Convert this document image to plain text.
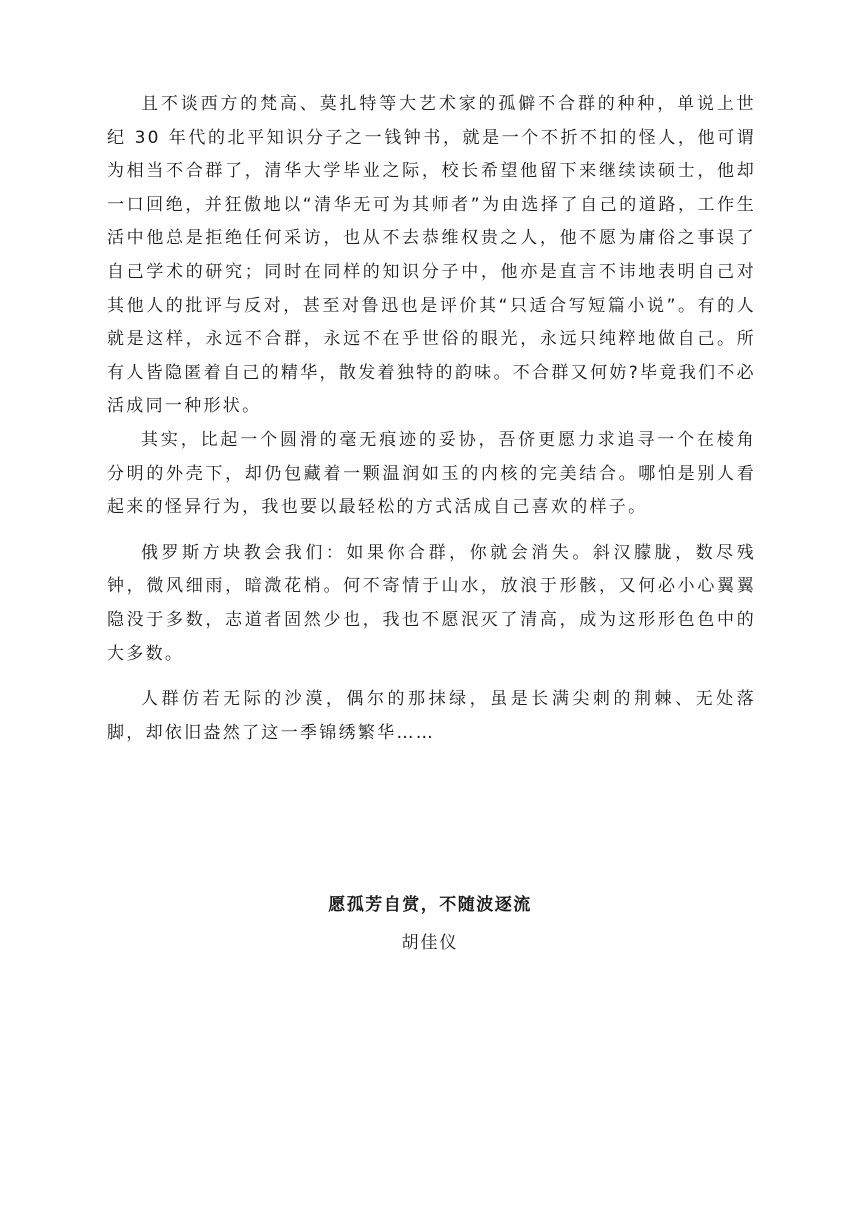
且不谈西方的梵高、莫扎特等大艺术家的孤僻不合群的种种，单说上世纪 30 年代的北平知识分子之一钱钟书，就是一个不折不扣的怪人，他可谓为相当不合群了，清华大学毕业之际，校长希望他留下来继续读硕士，他却一口回绝，并狂傲地以“清华无可为其师者”为由选择了自己的道路，工作生活中他总是拒绝任何采访，也从不去恭维权贵之人，他不愿为庸俗之事误了自己学术的研究；同时在同样的知识分子中，他亦是直言不讳地表明自己对其他人的批评与反对，甚至对鲁迅也是评价其“只适合写短篇小说”。有的人就是这样，永远不合群，永远不在乎世俗的眼光，永远只纯粹地做自己。所有人皆隐匿着自己的精华，散发着独特的韵味。不合群又何妨?毕竟我们不必活成同一种形状。

其实，比起一个圆滑的毫无痕迹的妥协，吾侪更愿力求追寻一个在棱角分明的外壳下，却仍包藏着一颗温润如玉的内核的完美结合。哪怕是别人看起来的怪异行为，我也要以最轻松的方式活成自己喜欢的样子。

俄罗斯方块教会我们：如果你合群，你就会消失。斜汉朦胧，数尽残钟，微风细雨，暗溦花梢。何不寄情于山水，放浪于形骸，又何必小心翼翼隐没于多数，志道者固然少也，我也不愿泯灭了清高，成为这形形色色中的大多数。

人群仿若无际的沙漠，偶尔的那抹绿，虽是长满尖刺的荆棘、无处落脚，却依旧盎然了这一季锦绣繁华……

愿孤芳自赏，不随波逐流

胡佳仪
